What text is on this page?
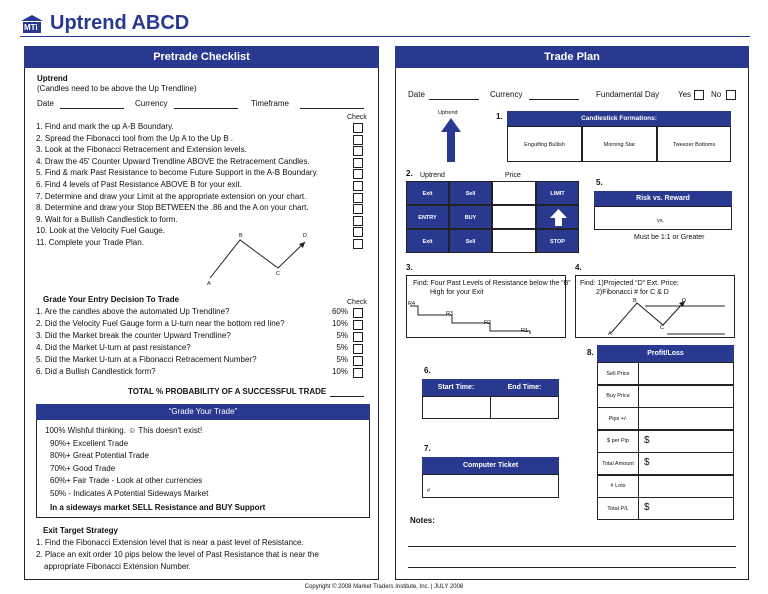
MTi Uptrend ABCD
Pretrade Checklist
Uptrend
(Candles need to be above the Up Trendline)
Date	Currency	Timeframe
Check
1. Find and mark the up A-B Boundary.
2. Spread the Fibonacci tool from the Up A to the Up B .
3. Look at the Fibonacci Retracement and Extension levels.
4. Draw the 45' Counter Upward Trendline ABOVE the Retracement Candles.
5. Find & mark Past Resistance to become Future Support in the A-B Boundary.
6. Find 4 levels of Past Resistance ABOVE B for your exit.
7. Determine and draw your Limit at the appropriate extension on your chart.
8. Determine and draw your Stop BETWEEN the .86 and the A on your chart.
9. Wait for a Bullish Candlestick to form.
10. Look at the Velocity Fuel Gauge.
11. Complete your Trade Plan.
A
B
C
D
Grade Your Entry Decision To Trade	Check
1. Are the candles above the automated Up Trendline?	60%
2. Did the Velocity Fuel Gauge form a U-turn near the bottom red line?	10%
3. Did the Market break the counter Upward Trendline?	5%
4. Did the Market U-turn at past resistance?	5%
5. Did the Market U-turn at a Fibonacci Retracement Number?	5%
6. Did a Bullish Candlestick form?	10%
TOTAL % PROBABILITY OF A SUCCESSFUL TRADE
“Grade Your Trade”
100% Wishful thinking. ☺ This doesn't exist!
90%+ Excellent Trade
80%+ Great Potential Trade
70%+ Good Trade
60%+ Fair Trade - Look at other currencies
50% - Indicates A Potential Sideways Market
In a sideways market SELL Resistance and BUY Support
Exit Target Strategy
1. Find the Fibonacci Extension level that is near a past level of Resistance.
2. Place an exit order 10 pips below the level of Past Resistance that is near the
appropriate Fibonacci Extension Number.
Trade Plan
Date	Currency	Fundamental Day Yes No
Uptrend	1.	Candlestick Formations:
Engulfing Bullish	Morning Star	Tweezer Bottoms
2. Uptrend	Price
Exit	Sell	LIMIT
ENTRY	BUY
Exit	Sell	STOP
5.
Risk vs. Reward
vs.
Must be 1:1 or Greater
3.
Find: Four Past Levels of Resistance below the “B”
High for your Exit
R4
R3
R2
R1
4.
Find: 1)Projected “D” Ext. Price:
2)Fibonacci # for C & D
B	D
A
C
8.	Profit/Loss
Sell Price
Buy Price
Pips +/-
$ per Pip	$
Total Amount	$
# Lots
Total P/L	$
6.
Start Time:	End Time:
7.
Computer Ticket
#
Notes:
Copyright © 2008 Market Traders Institute, Inc. | JULY 2008
